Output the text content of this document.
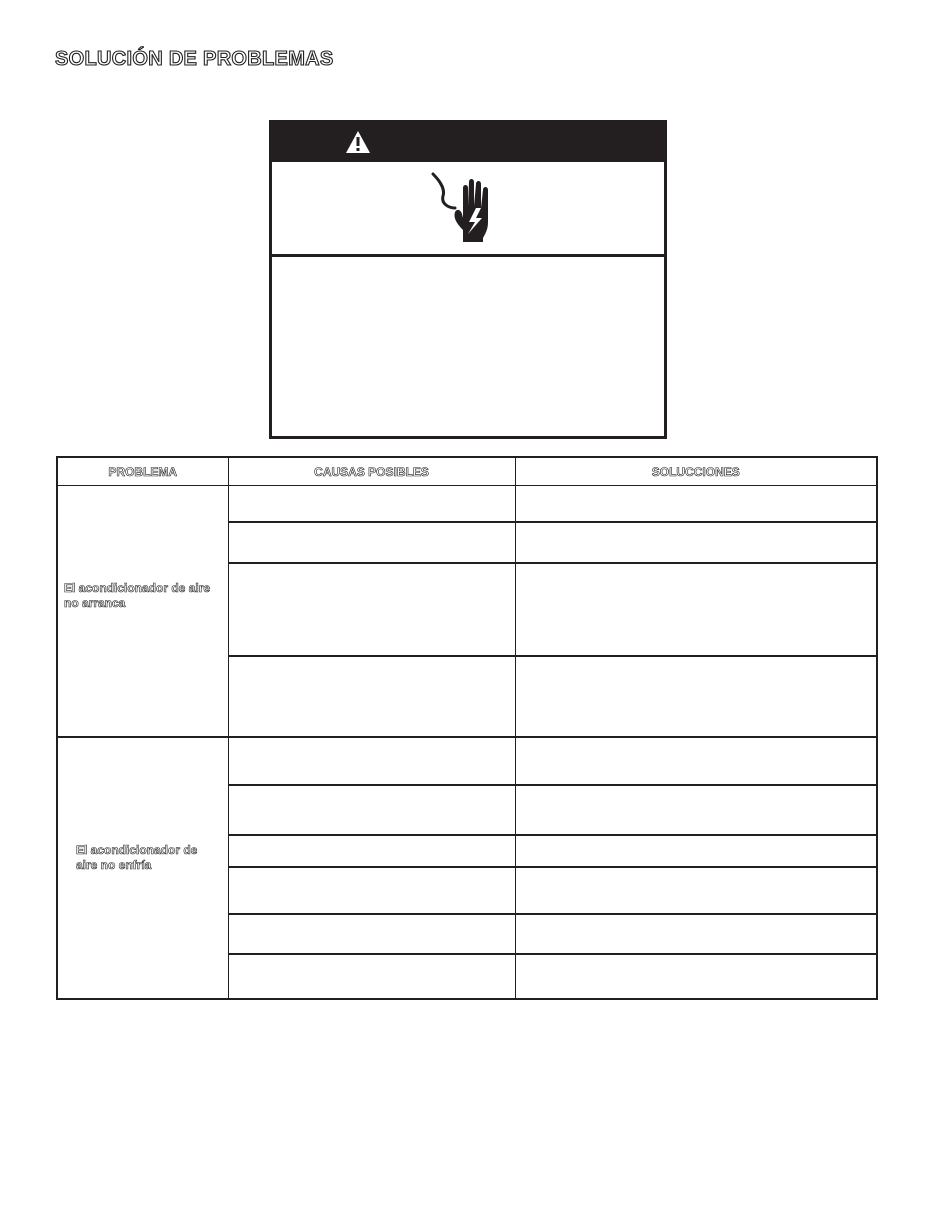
SOLUCIÓN DE PROBLEMAS
PROBLEMA	CAUSAS POSIBLES	SOLUCCIONES
El acondicionador de aire no arranca		

El acondicionador de aire no enfría		
